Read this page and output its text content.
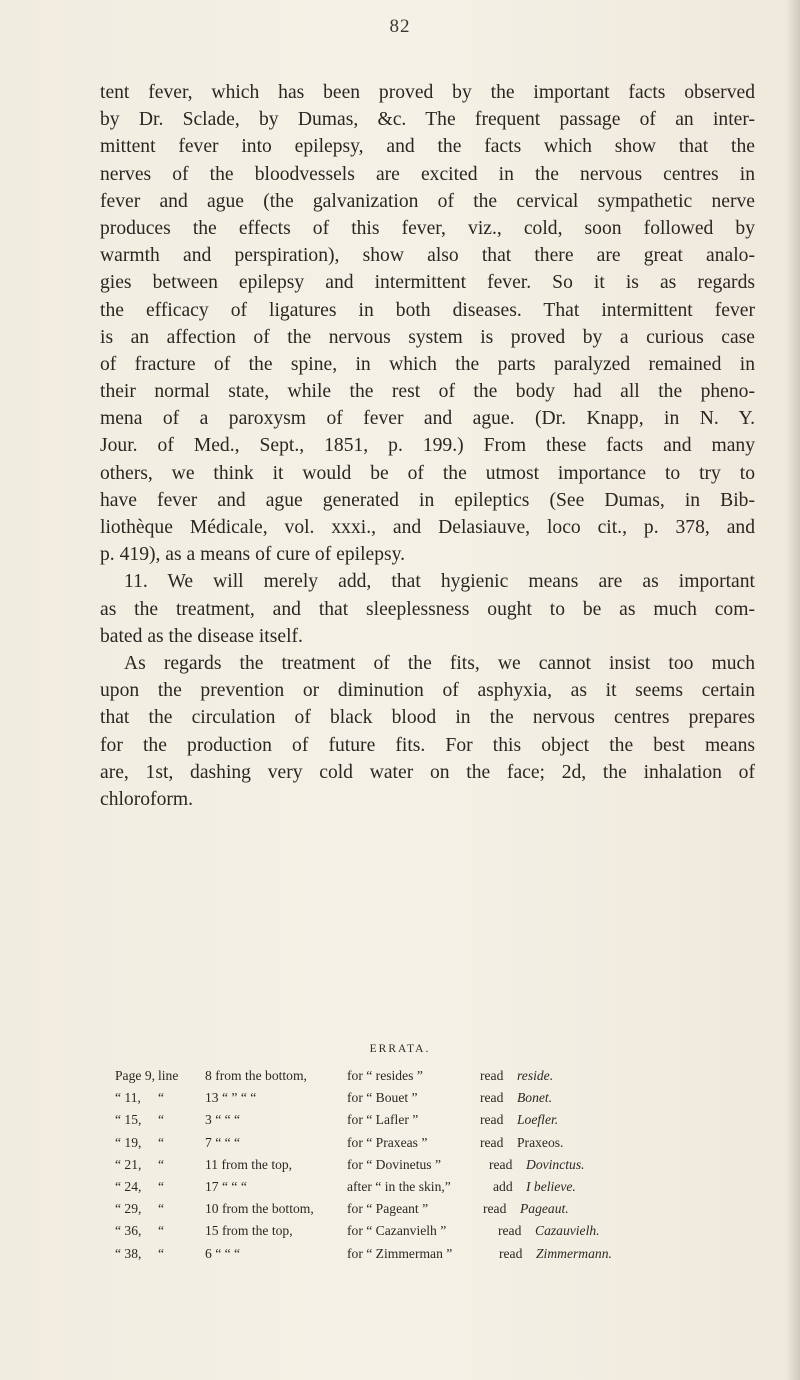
82
tent fever, which has been proved by the important facts observed
by Dr. Sclade, by Dumas, &c. The frequent passage of an inter-
mittent fever into epilepsy, and the facts which show that the
nerves of the bloodvessels are excited in the nervous centres in
fever and ague (the galvanization of the cervical sympathetic nerve
produces the effects of this fever, viz., cold, soon followed by
warmth and perspiration), show also that there are great analo-
gies between epilepsy and intermittent fever. So it is as regards
the efficacy of ligatures in both diseases. That intermittent fever
is an affection of the nervous system is proved by a curious case
of fracture of the spine, in which the parts paralyzed remained in
their normal state, while the rest of the body had all the pheno-
mena of a paroxysm of fever and ague. (Dr. Knapp, in N. Y.
Jour. of Med., Sept., 1851, p. 199.) From these facts and many
others, we think it would be of the utmost importance to try to
have fever and ague generated in epileptics (See Dumas, in Bib-
liothèque Médicale, vol. xxxi., and Delasiauve, loco cit., p. 378, and
p. 419), as a means of cure of epilepsy.
11. We will merely add, that hygienic means are as important
as the treatment, and that sleeplessness ought to be as much com-
bated as the disease itself.
As regards the treatment of the fits, we cannot insist too much
upon the prevention or diminution of asphyxia, as it seems certain
that the circulation of black blood in the nervous centres prepares
for the production of future fits. For this object the best means
are, 1st, dashing very cold water on the face; 2d, the inhalation of
chloroform.
ERRATA.
Page 9, line 8 from the bottom,	for “ resides ”	read reside.
“ 11, “	13 “ ” “ “	for “ Bouet ”	read Bonet.
“ 15, “	3 “ “ “	for “ Lafler ”	read Loefler.
“ 19, “	7 “ “ “	for “ Praxeas ”	read Praxeos.
“ 21, “	11 from the top,	for “ Dovinetus ”	read Dovinctus.
“ 24, “	17 “ “ “	after “ in the skin,”	add I believe.
“ 29, “	10 from the bottom, for “ Pageant ”	read Pageaut.
“ 36, “	15 from the top,	for “ Cazanvielh ”	read Cazauvielh.
“ 38, “	6 “ “ “	for “ Zimmerman ”	read Zimmermann.
